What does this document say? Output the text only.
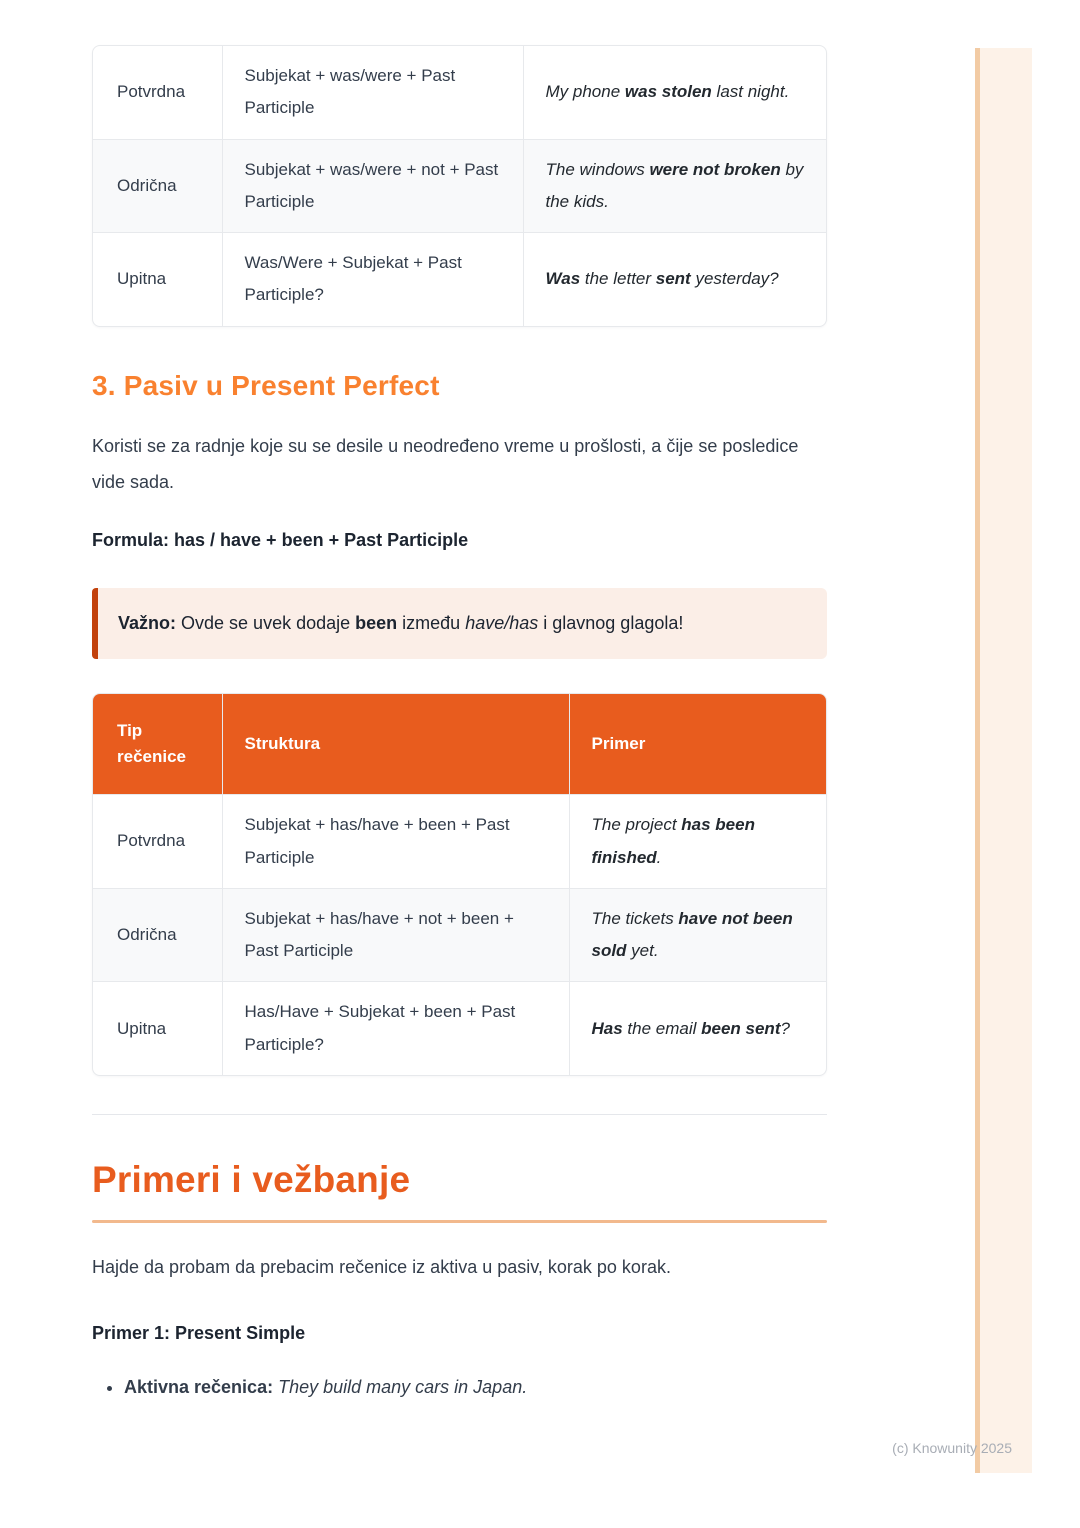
(c) Knowunity 2025
Potvrdna	Subjekat + was/were + Past Participle	My phone was stolen last night.
Odrična	Subjekat + was/were + not + Past Participle	The windows were not broken by the kids.
Upitna	Was/Were + Subjekat + Past Participle?	Was the letter sent yesterday?
3. Pasiv u Present Perfect

Koristi se za radnje koje su se desile u neodređeno vreme u prošlosti, a čije se posledice vide sada.

Formula: has / have + been + Past Participle

Važno: Ovde se uvek dodaje been između have/has i glavnog glagola!

Tip rečenice	Struktura	Primer
Potvrdna	Subjekat + has/have + been + Past Participle	The project has been finished.
Odrična	Subjekat + has/have + not + been + Past Participle	The tickets have not been sold yet.
Upitna	Has/Have + Subjekat + been + Past Participle?	Has the email been sent?
Primeri i vežbanje

Hajde da probam da prebacim rečenice iz aktiva u pasiv, korak po korak.

Primer 1: Present Simple

• Aktivna rečenica: They build many cars in Japan.
